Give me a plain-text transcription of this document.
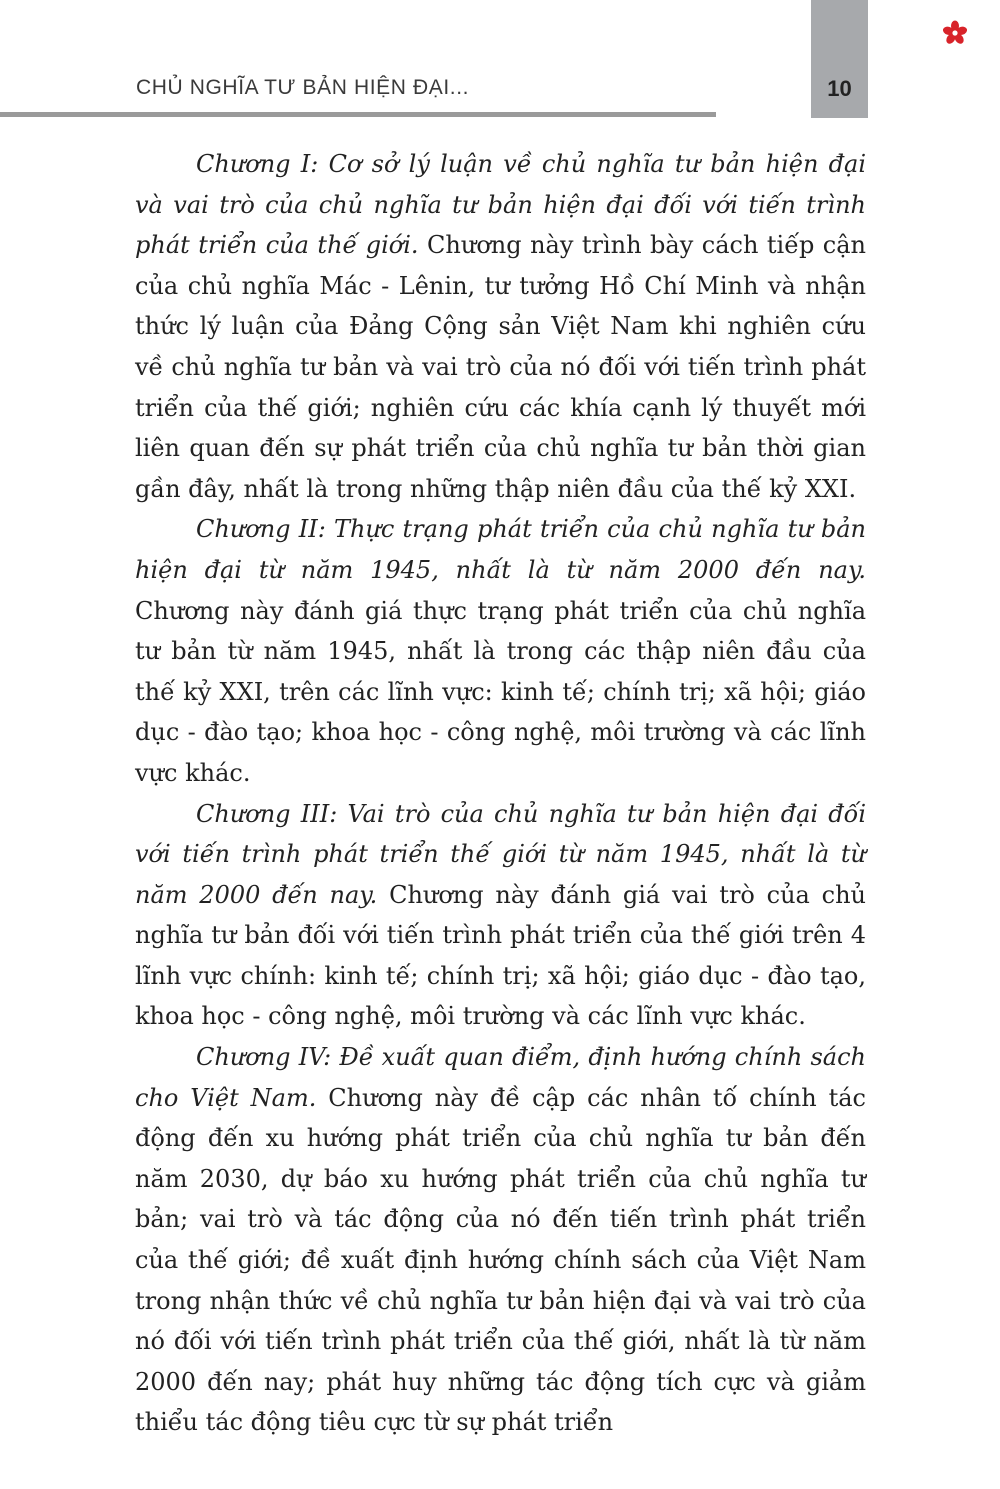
CHỦ NGHĨA TƯ BẢN HIỆN ĐẠI...	10

Chương I: Cơ sở lý luận về chủ nghĩa tư bản hiện đại và vai trò của chủ nghĩa tư bản hiện đại đối với tiến trình phát triển của thế giới. Chương này trình bày cách tiếp cận của chủ nghĩa Mác - Lênin, tư tưởng Hồ Chí Minh và nhận thức lý luận của Đảng Cộng sản Việt Nam khi nghiên cứu về chủ nghĩa tư bản và vai trò của nó đối với tiến trình phát triển của thế giới; nghiên cứu các khía cạnh lý thuyết mới liên quan đến sự phát triển của chủ nghĩa tư bản thời gian gần đây, nhất là trong những thập niên đầu của thế kỷ XXI.

Chương II: Thực trạng phát triển của chủ nghĩa tư bản hiện đại từ năm 1945, nhất là từ năm 2000 đến nay. Chương này đánh giá thực trạng phát triển của chủ nghĩa tư bản từ năm 1945, nhất là trong các thập niên đầu của thế kỷ XXI, trên các lĩnh vực: kinh tế; chính trị; xã hội; giáo dục - đào tạo; khoa học - công nghệ, môi trường và các lĩnh vực khác.

Chương III: Vai trò của chủ nghĩa tư bản hiện đại đối với tiến trình phát triển thế giới từ năm 1945, nhất là từ năm 2000 đến nay. Chương này đánh giá vai trò của chủ nghĩa tư bản đối với tiến trình phát triển của thế giới trên 4 lĩnh vực chính: kinh tế; chính trị; xã hội; giáo dục - đào tạo, khoa học - công nghệ, môi trường và các lĩnh vực khác.

Chương IV: Đề xuất quan điểm, định hướng chính sách cho Việt Nam. Chương này đề cập các nhân tố chính tác động đến xu hướng phát triển của chủ nghĩa tư bản đến năm 2030, dự báo xu hướng phát triển của chủ nghĩa tư bản; vai trò và tác động của nó đến tiến trình phát triển của thế giới; đề xuất định hướng chính sách của Việt Nam trong nhận thức về chủ nghĩa tư bản hiện đại và vai trò của nó đối với tiến trình phát triển của thế giới, nhất là từ năm 2000 đến nay; phát huy những tác động tích cực và giảm thiểu tác động tiêu cực từ sự phát triển
